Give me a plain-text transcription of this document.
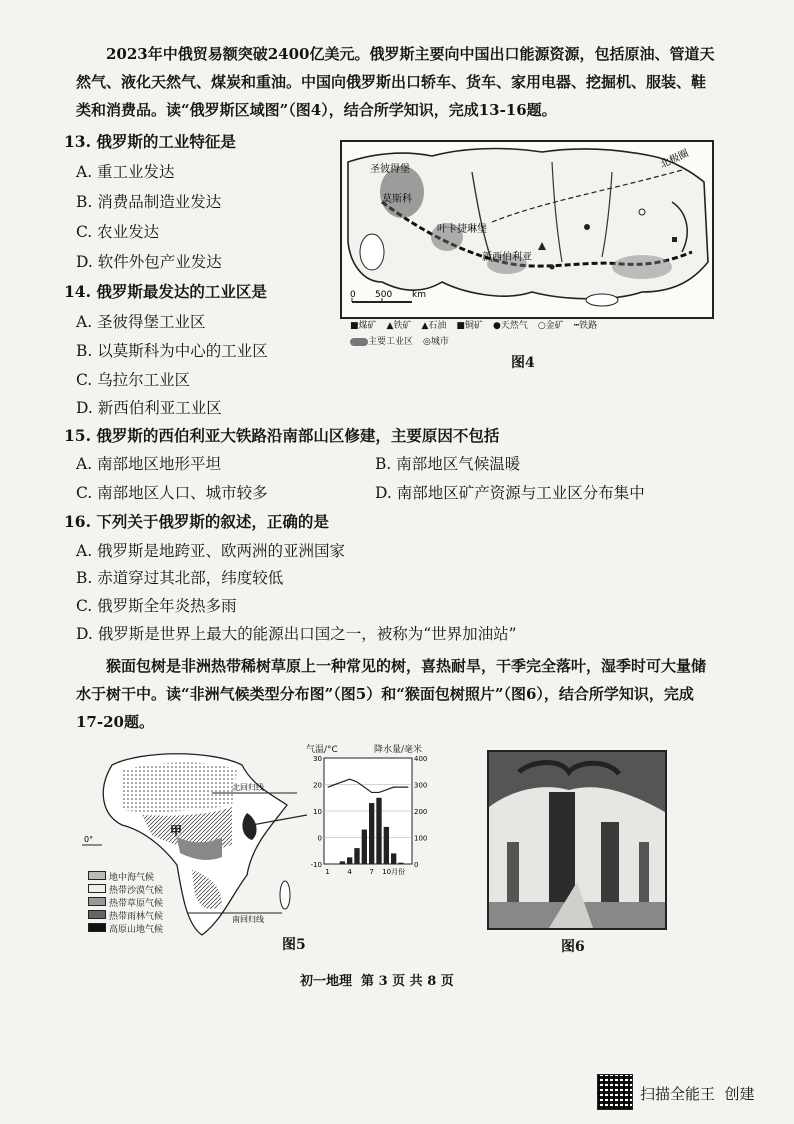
2023年中俄贸易额突破2400亿美元。俄罗斯主要向中国出口能源资源，包括原油、管道天然气、液化天然气、煤炭和重油。中国向俄罗斯出口轿车、货车、家用电器、挖掘机、服装、鞋类和消费品。读“俄罗斯区域图”（图4），结合所学知识，完成13-16题。
13. 俄罗斯的工业特征是
A. 重工业发达
B. 消费品制造业发达
C. 农业发达
D. 软件外包产业发达
14. 俄罗斯最发达的工业区是
A. 圣彼得堡工业区
B. 以莫斯科为中心的工业区
C. 乌拉尔工业区
D. 新西伯利亚工业区
0 500 km
圣彼得堡
莫斯科
叶卡捷琳堡
新西伯利亚
北极圈
■煤矿 ▲铁矿 ▲石油 ■铜矿 ●天然气 ○金矿 ┅铁路
主要工业区 ◎城市
图4
15. 俄罗斯的西伯利亚大铁路沿南部山区修建，主要原因不包括
A. 南部地区地形平坦	B. 南部地区气候温暖
C. 南部地区人口、城市较多	D. 南部地区矿产资源与工业区分布集中
16. 下列关于俄罗斯的叙述，正确的是
A. 俄罗斯是地跨亚、欧两洲的亚洲国家
B. 赤道穿过其北部，纬度较低
C. 俄罗斯全年炎热多雨
D. 俄罗斯是世界上最大的能源出口国之一，被称为“世界加油站”
猴面包树是非洲热带稀树草原上一种常见的树，喜热耐旱，干季完全落叶，湿季时可大量储水于树干中。读“非洲气候类型分布图”（图5）和“猴面包树照片”（图6），结合所学知识，完成17-20题。
北回归线
南回归线
甲
0°
地中海气候
热带沙漠气候
热带草原气候
热带雨林气候
高原山地气候
气温/°C	降水量/毫米
30
20
10
0
-10
400
300
200
100
0
1	4	7 10月份
图5	图6
初一地理  第 3 页 共 8 页
扫描全能王  创建
